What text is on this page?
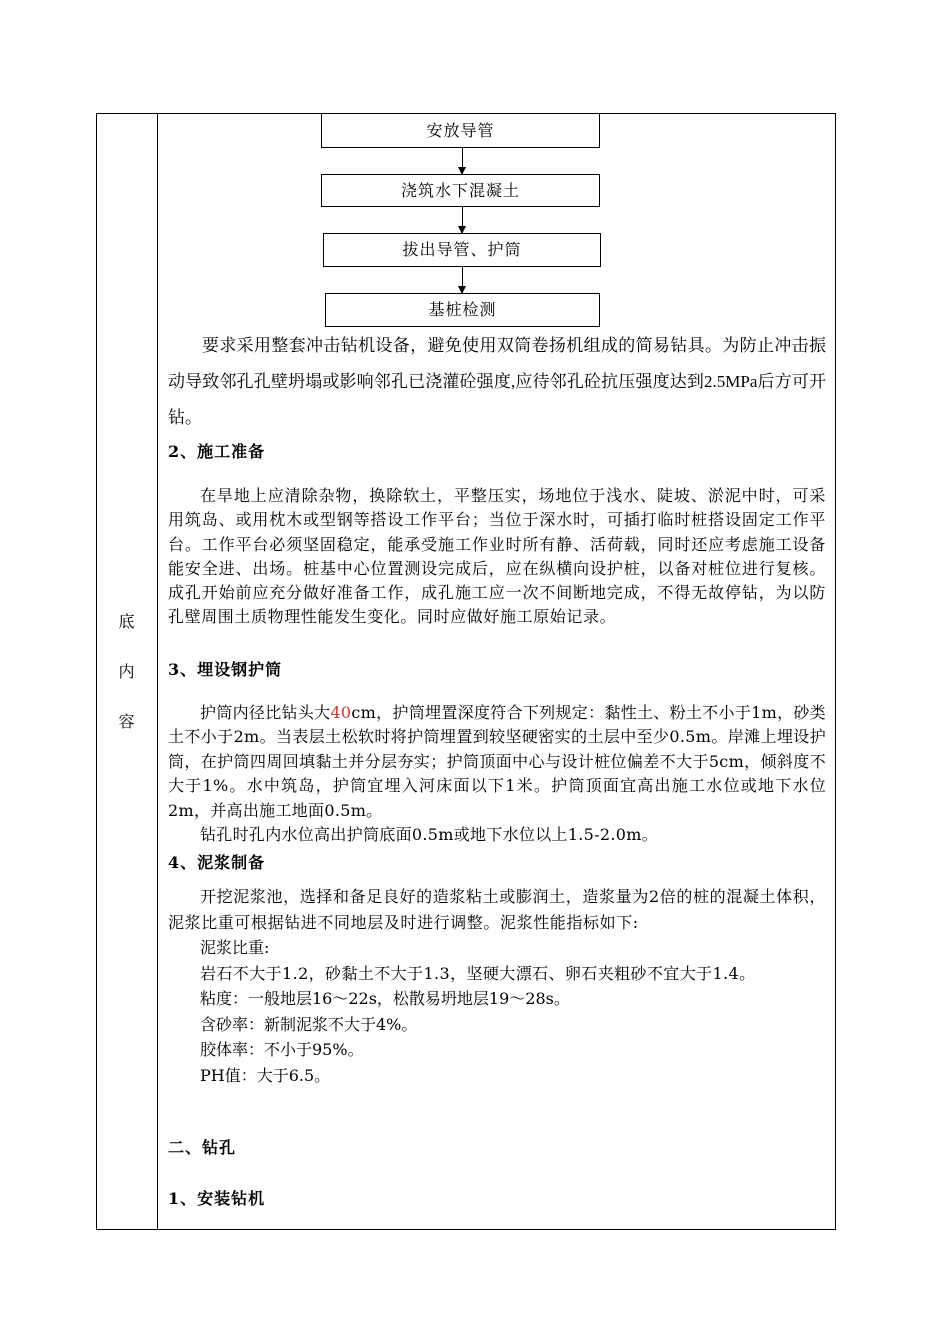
底
内
容
安放导管
浇筑水下混凝土
拔出导管、护筒
基桩检测

要求采用整套冲击钻机设备，避免使用双筒卷扬机组成的简易钻具。为防止冲击振动导致邻孔孔壁坍塌或影响邻孔已浇灌砼强度,应待邻孔砼抗压强度达到2.5MPa后方可开钻。

2、施工准备

在旱地上应清除杂物，换除软土，平整压实，场地位于浅水、陡坡、淤泥中时，可采用筑岛、或用枕木或型钢等搭设工作平台；当位于深水时，可插打临时桩搭设固定工作平台。工作平台必须坚固稳定，能承受施工作业时所有静、活荷载，同时还应考虑施工设备能安全进、出场。桩基中心位置测设完成后，应在纵横向设护桩，以备对桩位进行复核。成孔开始前应充分做好准备工作，成孔施工应一次不间断地完成，不得无故停钻，为以防孔壁周围土质物理性能发生变化。同时应做好施工原始记录。

3、埋设钢护筒

护筒内径比钻头大40cm，护筒埋置深度符合下列规定：黏性土、粉土不小于1m，砂类土不小于2m。当表层土松软时将护筒埋置到较坚硬密实的土层中至少0.5m。岸滩上埋设护筒，在护筒四周回填黏土并分层夯实；护筒顶面中心与设计桩位偏差不大于5cm，倾斜度不大于1%。水中筑岛，护筒宜埋入河床面以下1米。护筒顶面宜高出施工水位或地下水位2m，并高出施工地面0.5m。

钻孔时孔内水位高出护筒底面0.5m或地下水位以上1.5-2.0m。

4、泥浆制备

开挖泥浆池，选择和备足良好的造浆粘土或膨润土，造浆量为2倍的桩的混凝土体积，泥浆比重可根据钻进不同地层及时进行调整。泥浆性能指标如下:

泥浆比重:

岩石不大于1.2，砂黏土不大于1.3，坚硬大漂石、卵石夹粗砂不宜大于1.4。

粘度：一般地层16～22s，松散易坍地层19～28s。

含砂率：新制泥浆不大于4%。

胶体率：不小于95%。

PH值：大于6.5。

二、钻孔

1、安装钻机
